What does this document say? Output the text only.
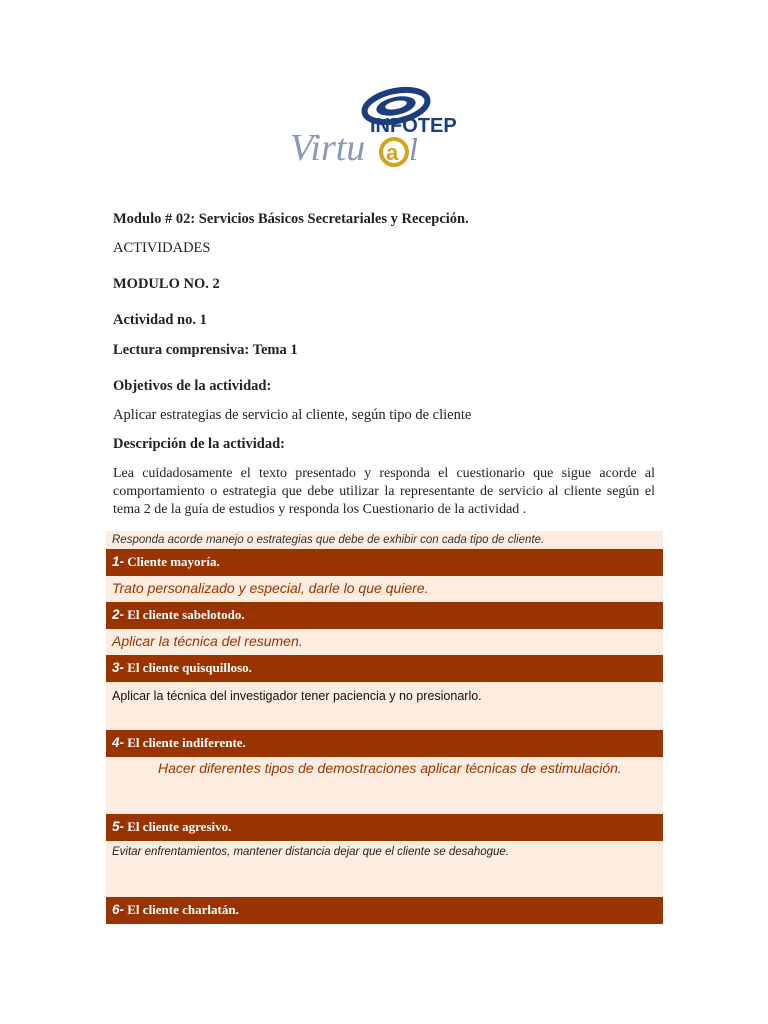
INFOTEP
Virtu a l
Modulo # 02: Servicios Básicos Secretariales y Recepción.
ACTIVIDADES
MODULO NO. 2
Actividad no. 1
Lectura comprensiva: Tema 1
Objetivos de la actividad:
Aplicar estrategias de servicio al cliente, según tipo de cliente
Descripción de la actividad:
Lea cuidadosamente el texto presentado y responda el cuestionario que sigue acorde al comportamiento o estrategia que debe utilizar la representante de servicio al cliente según el tema 2 de la guía de estudios y responda los Cuestionario de la actividad .
Responda acorde manejo o estrategias que debe de exhibir con cada tipo de cliente.
1- Cliente mayoría.
Trato personalizado y especial, darle lo que quiere.
2- El cliente sabelotodo.
Aplicar la técnica del resumen.
3- El cliente quisquilloso.
Aplicar la técnica del investigador tener paciencia y no presionarlo.
4- El cliente indiferente.
Hacer diferentes tipos de demostraciones aplicar técnicas de estimulación.
5- El cliente agresivo.
Evitar enfrentamientos, mantener distancia dejar que el cliente se desahogue.
6- El cliente charlatán.
